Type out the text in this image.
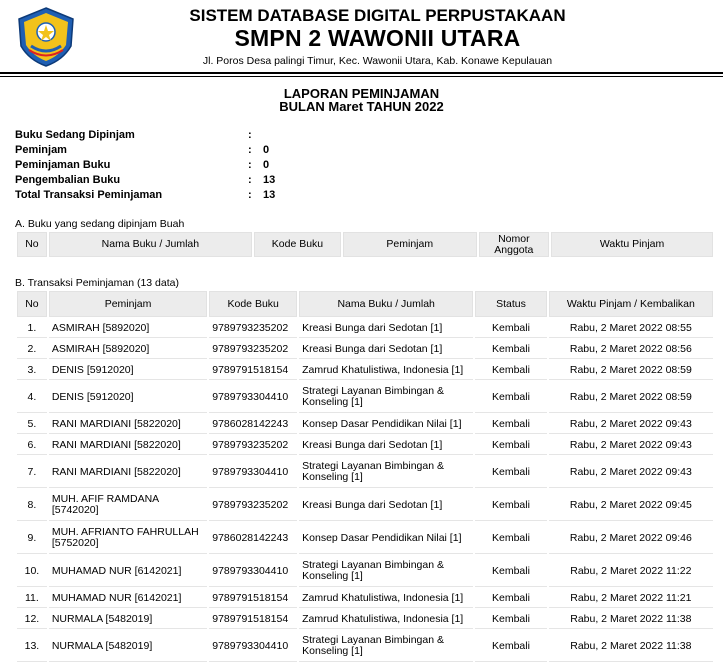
SISTEM DATABASE DIGITAL PERPUSTAKAAN
SMPN 2 WAWONII UTARA
Jl. Poros Desa palingi Timur, Kec. Wawonii Utara, Kab. Konawe Kepulauan
LAPORAN PEMINJAMAN
BULAN Maret TAHUN 2022
Buku Sedang Dipinjam	:
Peminjam	: 0
Peminjaman Buku	: 0
Pengembalian Buku	: 13
Total Transaksi Peminjaman	: 13
A. Buku yang sedang dipinjam Buah
No	Nama Buku / Jumlah	Kode Buku	Peminjam	Nomor Anggota	Waktu Pinjam
B. Transaksi Peminjaman (13 data)
No	Peminjam	Kode Buku	Nama Buku / Jumlah	Status	Waktu Pinjam / Kembalikan
1.	ASMIRAH [5892020]	9789793235202	Kreasi Bunga dari Sedotan [1]	Kembali	Rabu, 2 Maret 2022 08:55
2.	ASMIRAH [5892020]	9789793235202	Kreasi Bunga dari Sedotan [1]	Kembali	Rabu, 2 Maret 2022 08:56
3.	DENIS [5912020]	9789791518154	Zamrud Khatulistiwa, Indonesia [1]	Kembali	Rabu, 2 Maret 2022 08:59
4.	DENIS [5912020]	9789793304410	Strategi Layanan Bimbingan & Konseling [1]	Kembali	Rabu, 2 Maret 2022 08:59
5.	RANI MARDIANI [5822020]	9786028142243	Konsep Dasar Pendidikan Nilai [1]	Kembali	Rabu, 2 Maret 2022 09:43
6.	RANI MARDIANI [5822020]	9789793235202	Kreasi Bunga dari Sedotan [1]	Kembali	Rabu, 2 Maret 2022 09:43
7.	RANI MARDIANI [5822020]	9789793304410	Strategi Layanan Bimbingan & Konseling [1]	Kembali	Rabu, 2 Maret 2022 09:43
8.	MUH. AFIF RAMDANA [5742020]	9789793235202	Kreasi Bunga dari Sedotan [1]	Kembali	Rabu, 2 Maret 2022 09:45
9.	MUH. AFRIANTO FAHRULLAH [5752020]	9786028142243	Konsep Dasar Pendidikan Nilai [1]	Kembali	Rabu, 2 Maret 2022 09:46
10.	MUHAMAD NUR [6142021]	9789793304410	Strategi Layanan Bimbingan & Konseling [1]	Kembali	Rabu, 2 Maret 2022 11:22
11.	MUHAMAD NUR [6142021]	9789791518154	Zamrud Khatulistiwa, Indonesia [1]	Kembali	Rabu, 2 Maret 2022 11:21
12.	NURMALA [5482019]	9789791518154	Zamrud Khatulistiwa, Indonesia [1]	Kembali	Rabu, 2 Maret 2022 11:38
13.	NURMALA [5482019]	9789793304410	Strategi Layanan Bimbingan & Konseling [1]	Kembali	Rabu, 2 Maret 2022 11:38
